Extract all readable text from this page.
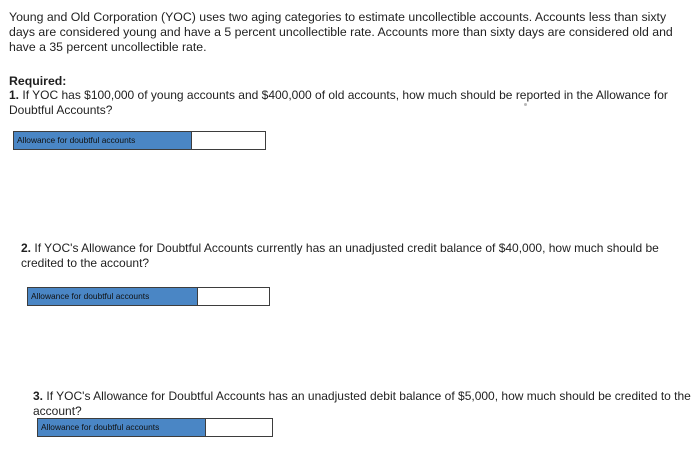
Young and Old Corporation (YOC) uses two aging categories to estimate uncollectible accounts. Accounts less than sixty days are considered young and have a 5 percent uncollectible rate. Accounts more than sixty days are considered old and have a 35 percent uncollectible rate.

Required:

1. If YOC has $100,000 of young accounts and $400,000 of old accounts, how much should be reported in the Allowance for Doubtful Accounts?

Allowance for doubtful accounts

2. If YOC's Allowance for Doubtful Accounts currently has an unadjusted credit balance of $40,000, how much should be credited to the account?

Allowance for doubtful accounts

3. If YOC's Allowance for Doubtful Accounts has an unadjusted debit balance of $5,000, how much should be credited to the account?

Allowance for doubtful accounts
